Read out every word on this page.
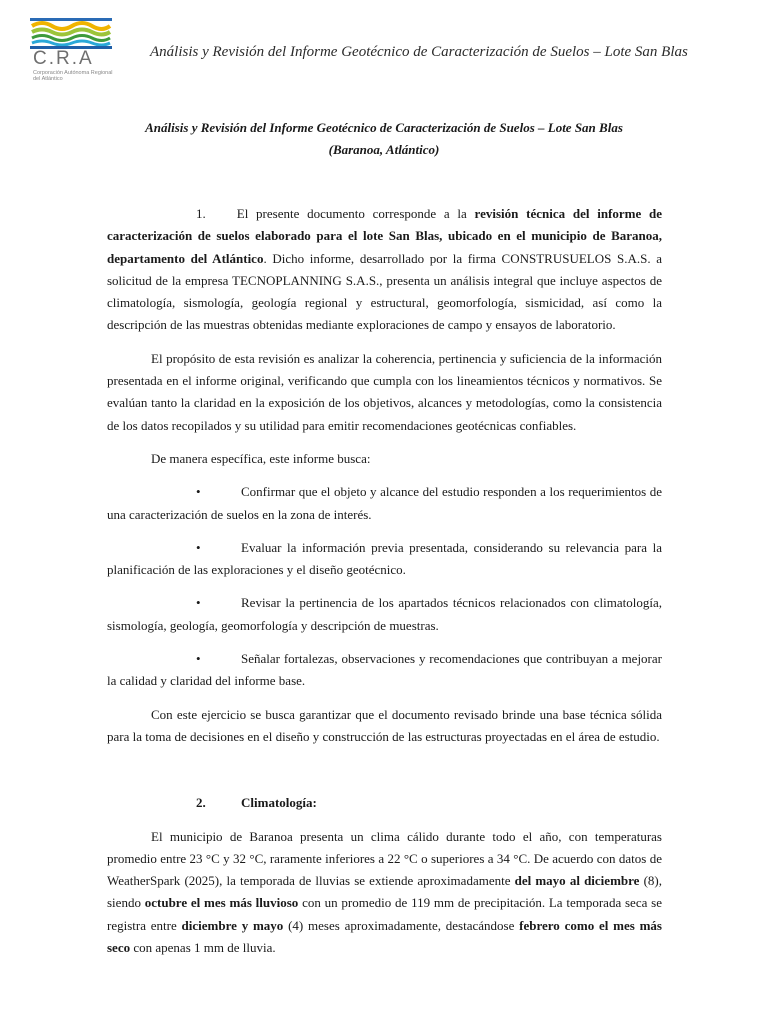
C.R.A
Corporación Autónoma Regional del Atlántico
Análisis y Revisión del Informe Geotécnico de Caracterización de Suelos – Lote San Blas
Análisis y Revisión del Informe Geotécnico de Caracterización de Suelos – Lote San Blas
(Baranoa, Atlántico)

1. El presente documento corresponde a la revisión técnica del informe de caracterización de suelos elaborado para el lote San Blas, ubicado en el municipio de Baranoa, departamento del Atlántico. Dicho informe, desarrollado por la firma CONSTRUSUELOS S.A.S. a solicitud de la empresa TECNOPLANNING S.A.S., presenta un análisis integral que incluye aspectos de climatología, sismología, geología regional y estructural, geomorfología, sismicidad, así como la descripción de las muestras obtenidas mediante exploraciones de campo y ensayos de laboratorio.

El propósito de esta revisión es analizar la coherencia, pertinencia y suficiencia de la información presentada en el informe original, verificando que cumpla con los lineamientos técnicos y normativos. Se evalúan tanto la claridad en la exposición de los objetivos, alcances y metodologías, como la consistencia de los datos recopilados y su utilidad para emitir recomendaciones geotécnicas confiables.

De manera específica, este informe busca:

•	Confirmar que el objeto y alcance del estudio responden a los requerimientos de una caracterización de suelos en la zona de interés.
•	Evaluar la información previa presentada, considerando su relevancia para la planificación de las exploraciones y el diseño geotécnico.
•	Revisar la pertinencia de los apartados técnicos relacionados con climatología, sismología, geología, geomorfología y descripción de muestras.
•	Señalar fortalezas, observaciones y recomendaciones que contribuyan a mejorar la calidad y claridad del informe base.

Con este ejercicio se busca garantizar que el documento revisado brinde una base técnica sólida para la toma de decisiones en el diseño y construcción de las estructuras proyectadas en el área de estudio.

2.	Climatología:

El municipio de Baranoa presenta un clima cálido durante todo el año, con temperaturas promedio entre 23 °C y 32 °C, raramente inferiores a 22 °C o superiores a 34 °C. De acuerdo con datos de WeatherSpark (2025), la temporada de lluvias se extiende aproximadamente del mayo al diciembre (8), siendo octubre el mes más lluvioso con un promedio de 119 mm de precipitación. La temporada seca se registra entre diciembre y mayo (4) meses aproximadamente, destacándose febrero como el mes más seco con apenas 1 mm de lluvia.
